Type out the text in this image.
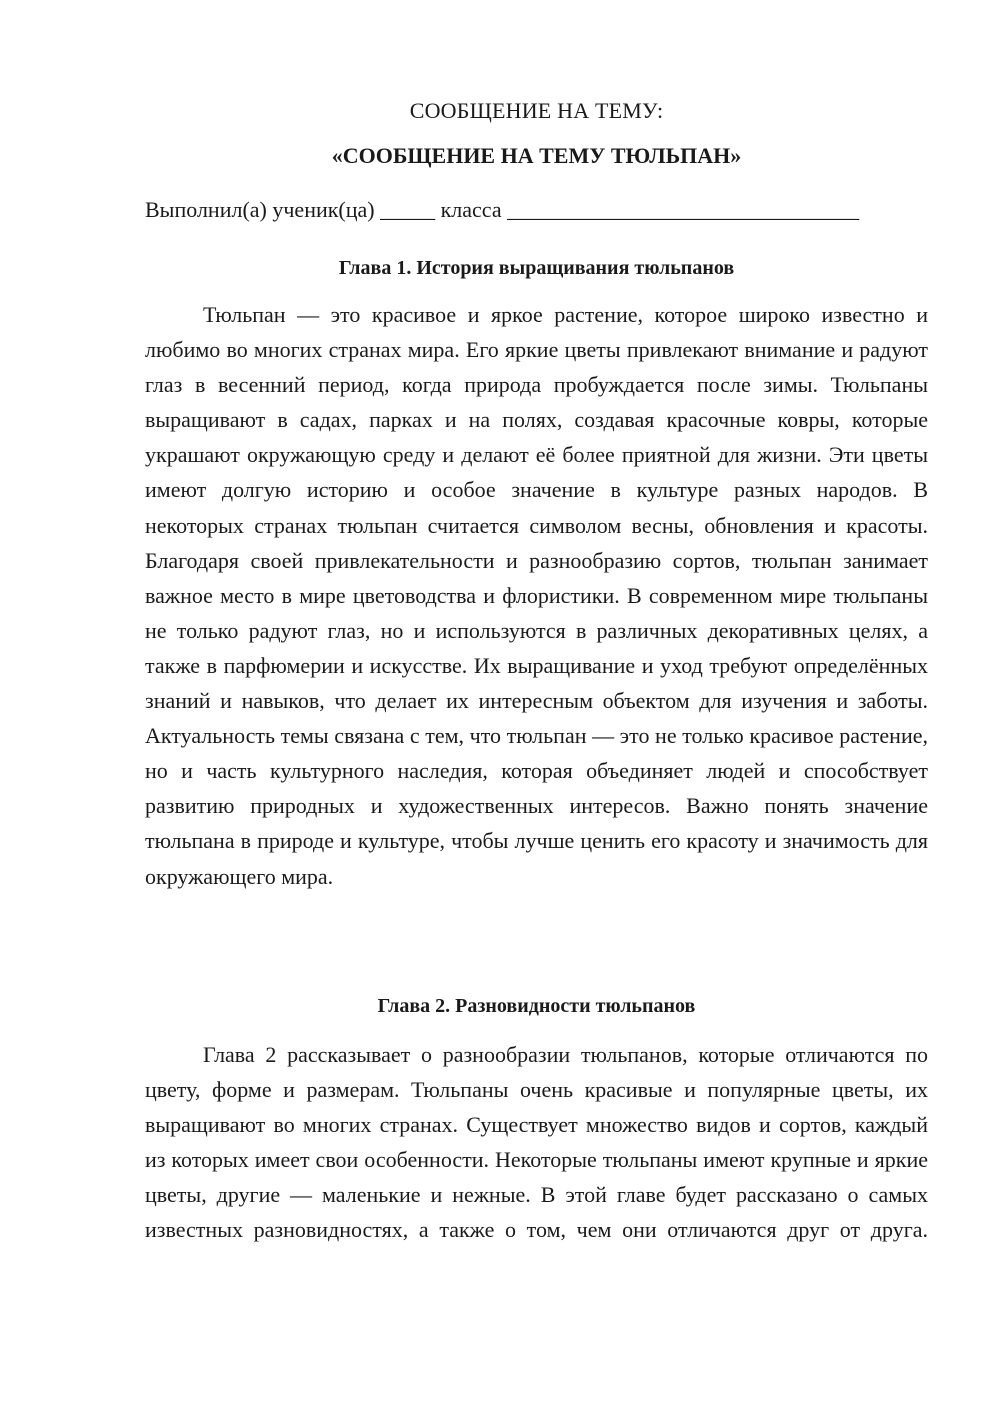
СООБЩЕНИЕ НА ТЕМУ:
«СООБЩЕНИЕ НА ТЕМУ ТЮЛЬПАН»
Выполнил(а) ученик(ца) _____ класса ________________________________
Глава 1. История выращивания тюльпанов

Тюльпан — это красивое и яркое растение, которое широко известно и любимо во многих странах мира. Его яркие цветы привлекают внимание и радуют глаз в весенний период, когда природа пробуждается после зимы. Тюльпаны выращивают в садах, парках и на полях, создавая красочные ковры, которые украшают окружающую среду и делают её более приятной для жизни. Эти цветы имеют долгую историю и особое значение в культуре разных народов. В некоторых странах тюльпан считается символом весны, обновления и красоты. Благодаря своей привлекательности и разнообразию сортов, тюльпан занимает важное место в мире цветоводства и флористики. В современном мире тюльпаны не только радуют глаз, но и используются в различных декоративных целях, а также в парфюмерии и искусстве. Их выращивание и уход требуют определённых знаний и навыков, что делает их интересным объектом для изучения и заботы. Актуальность темы связана с тем, что тюльпан — это не только красивое растение, но и часть культурного наследия, которая объединяет людей и способствует развитию природных и художественных интересов. Важно понять значение тюльпана в природе и культуре, чтобы лучше ценить его красоту и значимость для окружающего мира.

Глава 2. Разновидности тюльпанов

Глава 2 рассказывает о разнообразии тюльпанов, которые отличаются по цвету, форме и размерам. Тюльпаны очень красивые и популярные цветы, их выращивают во многих странах. Существует множество видов и сортов, каждый из которых имеет свои особенности. Некоторые тюльпаны имеют крупные и яркие цветы, другие — маленькие и нежные. В этой главе будет рассказано о самых известных разновидностях, а также о том, чем они отличаются друг от друга.
